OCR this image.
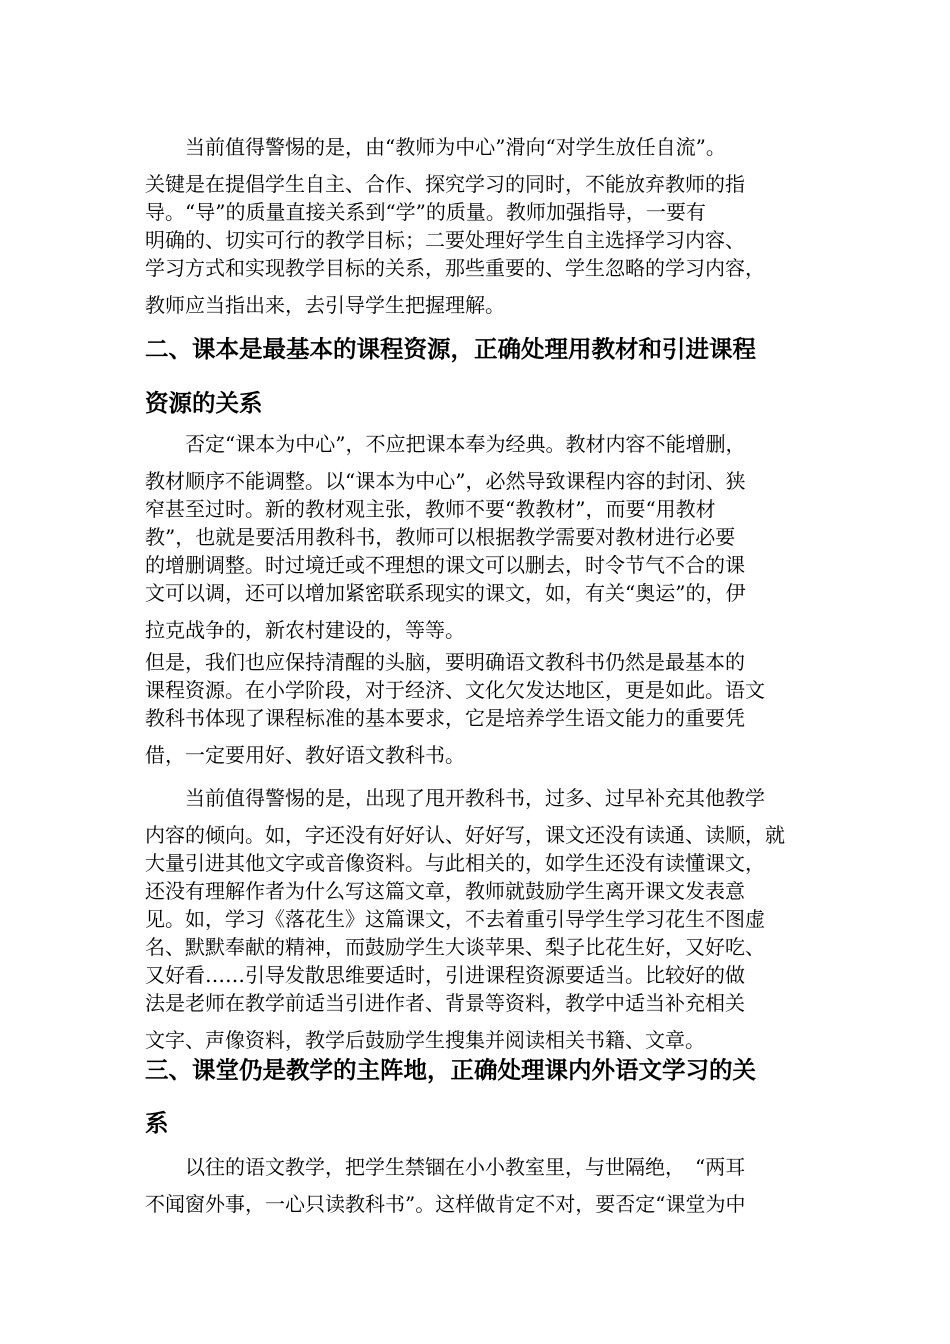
　　当前值得警惕的是，由“教师为中心”滑向“对学生放任自流”。
关键是在提倡学生自主、合作、探究学习的同时，不能放弃教师的指
导。“导”的质量直接关系到“学”的质量。教师加强指导，一要有
明确的、切实可行的教学目标；二要处理好学生自主选择学习内容、
学习方式和实现教学目标的关系，那些重要的、学生忽略的学习内容，
教师应当指出来，去引导学生把握理解。
二、课本是最基本的课程资源，正确处理用教材和引进课程
资源的关系
　　否定“课本为中心”，不应把课本奉为经典。教材内容不能增删，
教材顺序不能调整。以“课本为中心”，必然导致课程内容的封闭、狭
窄甚至过时。新的教材观主张，教师不要“教教材”，而要“用教材
教”，也就是要活用教科书，教师可以根据教学需要对教材进行必要
的增删调整。时过境迁或不理想的课文可以删去，时令节气不合的课
文可以调，还可以增加紧密联系现实的课文，如，有关“奥运”的，伊
拉克战争的，新农村建设的，等等。
但是，我们也应保持清醒的头脑，要明确语文教科书仍然是最基本的
课程资源。在小学阶段，对于经济、文化欠发达地区，更是如此。语文
教科书体现了课程标准的基本要求，它是培养学生语文能力的重要凭
借，一定要用好、教好语文教科书。
　　当前值得警惕的是，出现了甩开教科书，过多、过早补充其他教学
内容的倾向。如，字还没有好好认、好好写，课文还没有读通、读顺，就
大量引进其他文字或音像资料。与此相关的，如学生还没有读懂课文，
还没有理解作者为什么写这篇文章，教师就鼓励学生离开课文发表意
见。如，学习《落花生》这篇课文，不去着重引导学生学习花生不图虚
名、默默奉献的精神，而鼓励学生大谈苹果、梨子比花生好，又好吃、
又好看……引导发散思维要适时，引进课程资源要适当。比较好的做
法是老师在教学前适当引进作者、背景等资料，教学中适当补充相关
文字、声像资料，教学后鼓励学生搜集并阅读相关书籍、文章。
三、课堂仍是教学的主阵地，正确处理课内外语文学习的关
系
　　以往的语文教学，把学生禁锢在小小教室里，与世隔绝，　“两耳
不闻窗外事，一心只读教科书”。这样做肯定不对，要否定“课堂为中
